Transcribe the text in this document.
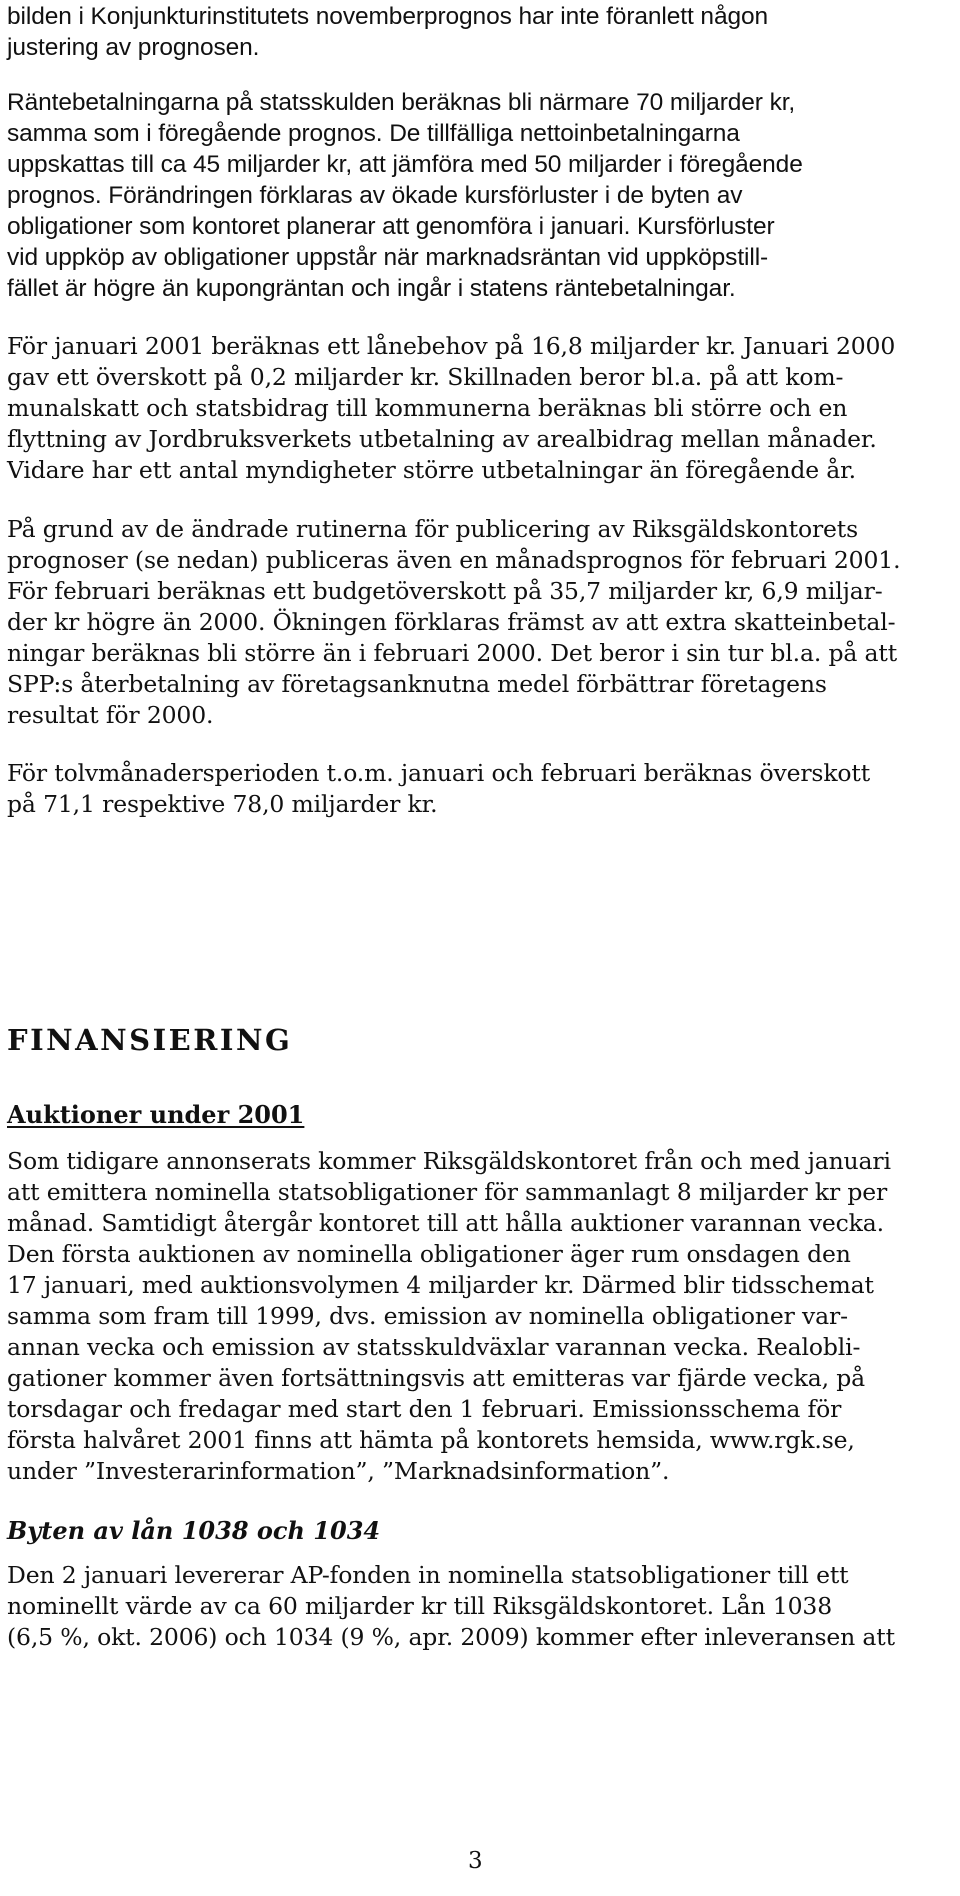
bilden i Konjunkturinstitutets novemberprognos har inte föranlett någon
justering av prognosen.
Räntebetalningarna på statsskulden beräknas bli närmare 70 miljarder kr,
samma som i föregående prognos. De tillfälliga nettoinbetalningarna
uppskattas till ca 45 miljarder kr, att jämföra med 50 miljarder i föregående
prognos. Förändringen förklaras av ökade kursförluster i de byten av
obligationer som kontoret planerar att genomföra i januari. Kursförluster
vid uppköp av obligationer uppstår när marknadsräntan vid uppköpstill-
fället är högre än kupongräntan och ingår i statens räntebetalningar.
För januari 2001 beräknas ett lånebehov på 16,8 miljarder kr. Januari 2000
gav ett överskott på 0,2 miljarder kr. Skillnaden beror bl.a. på att kom-
munalskatt och statsbidrag till kommunerna beräknas bli större och en
flyttning av Jordbruksverkets utbetalning av arealbidrag mellan månader.
Vidare har ett antal myndigheter större utbetalningar än föregående år.
På grund av de ändrade rutinerna för publicering av Riksgäldskontorets
prognoser (se nedan) publiceras även en månadsprognos för februari 2001.
För februari beräknas ett budgetöverskott på 35,7 miljarder kr, 6,9 miljar-
der kr högre än 2000. Ökningen förklaras främst av att extra skatteinbetal-
ningar beräknas bli större än i februari 2000. Det beror i sin tur bl.a. på att
SPP:s återbetalning av företagsanknutna medel förbättrar företagens
resultat för 2000.
För tolvmånadersperioden t.o.m. januari och februari beräknas överskott
på 71,1 respektive 78,0 miljarder kr.
FINANSIERING
Auktioner under 2001
Som tidigare annonserats kommer Riksgäldskontoret från och med januari
att emittera nominella statsobligationer för sammanlagt 8 miljarder kr per
månad. Samtidigt återgår kontoret till att hålla auktioner varannan vecka.
Den första auktionen av nominella obligationer äger rum onsdagen den
17 januari, med auktionsvolymen 4 miljarder kr. Därmed blir tidsschemat
samma som fram till 1999, dvs. emission av nominella obligationer var-
annan vecka och emission av statsskuldväxlar varannan vecka. Realobli-
gationer kommer även fortsättningsvis att emitteras var fjärde vecka, på
torsdagar och fredagar med start den 1 februari. Emissionsschema för
första halvåret 2001 finns att hämta på kontorets hemsida, www.rgk.se,
under ”Investerarinformation”, ”Marknadsinformation”.
Byten av lån 1038 och 1034
Den 2 januari levererar AP-fonden in nominella statsobligationer till ett
nominellt värde av ca 60 miljarder kr till Riksgäldskontoret. Lån 1038
(6,5 %, okt. 2006) och 1034 (9 %, apr. 2009) kommer efter inleveransen att
3
